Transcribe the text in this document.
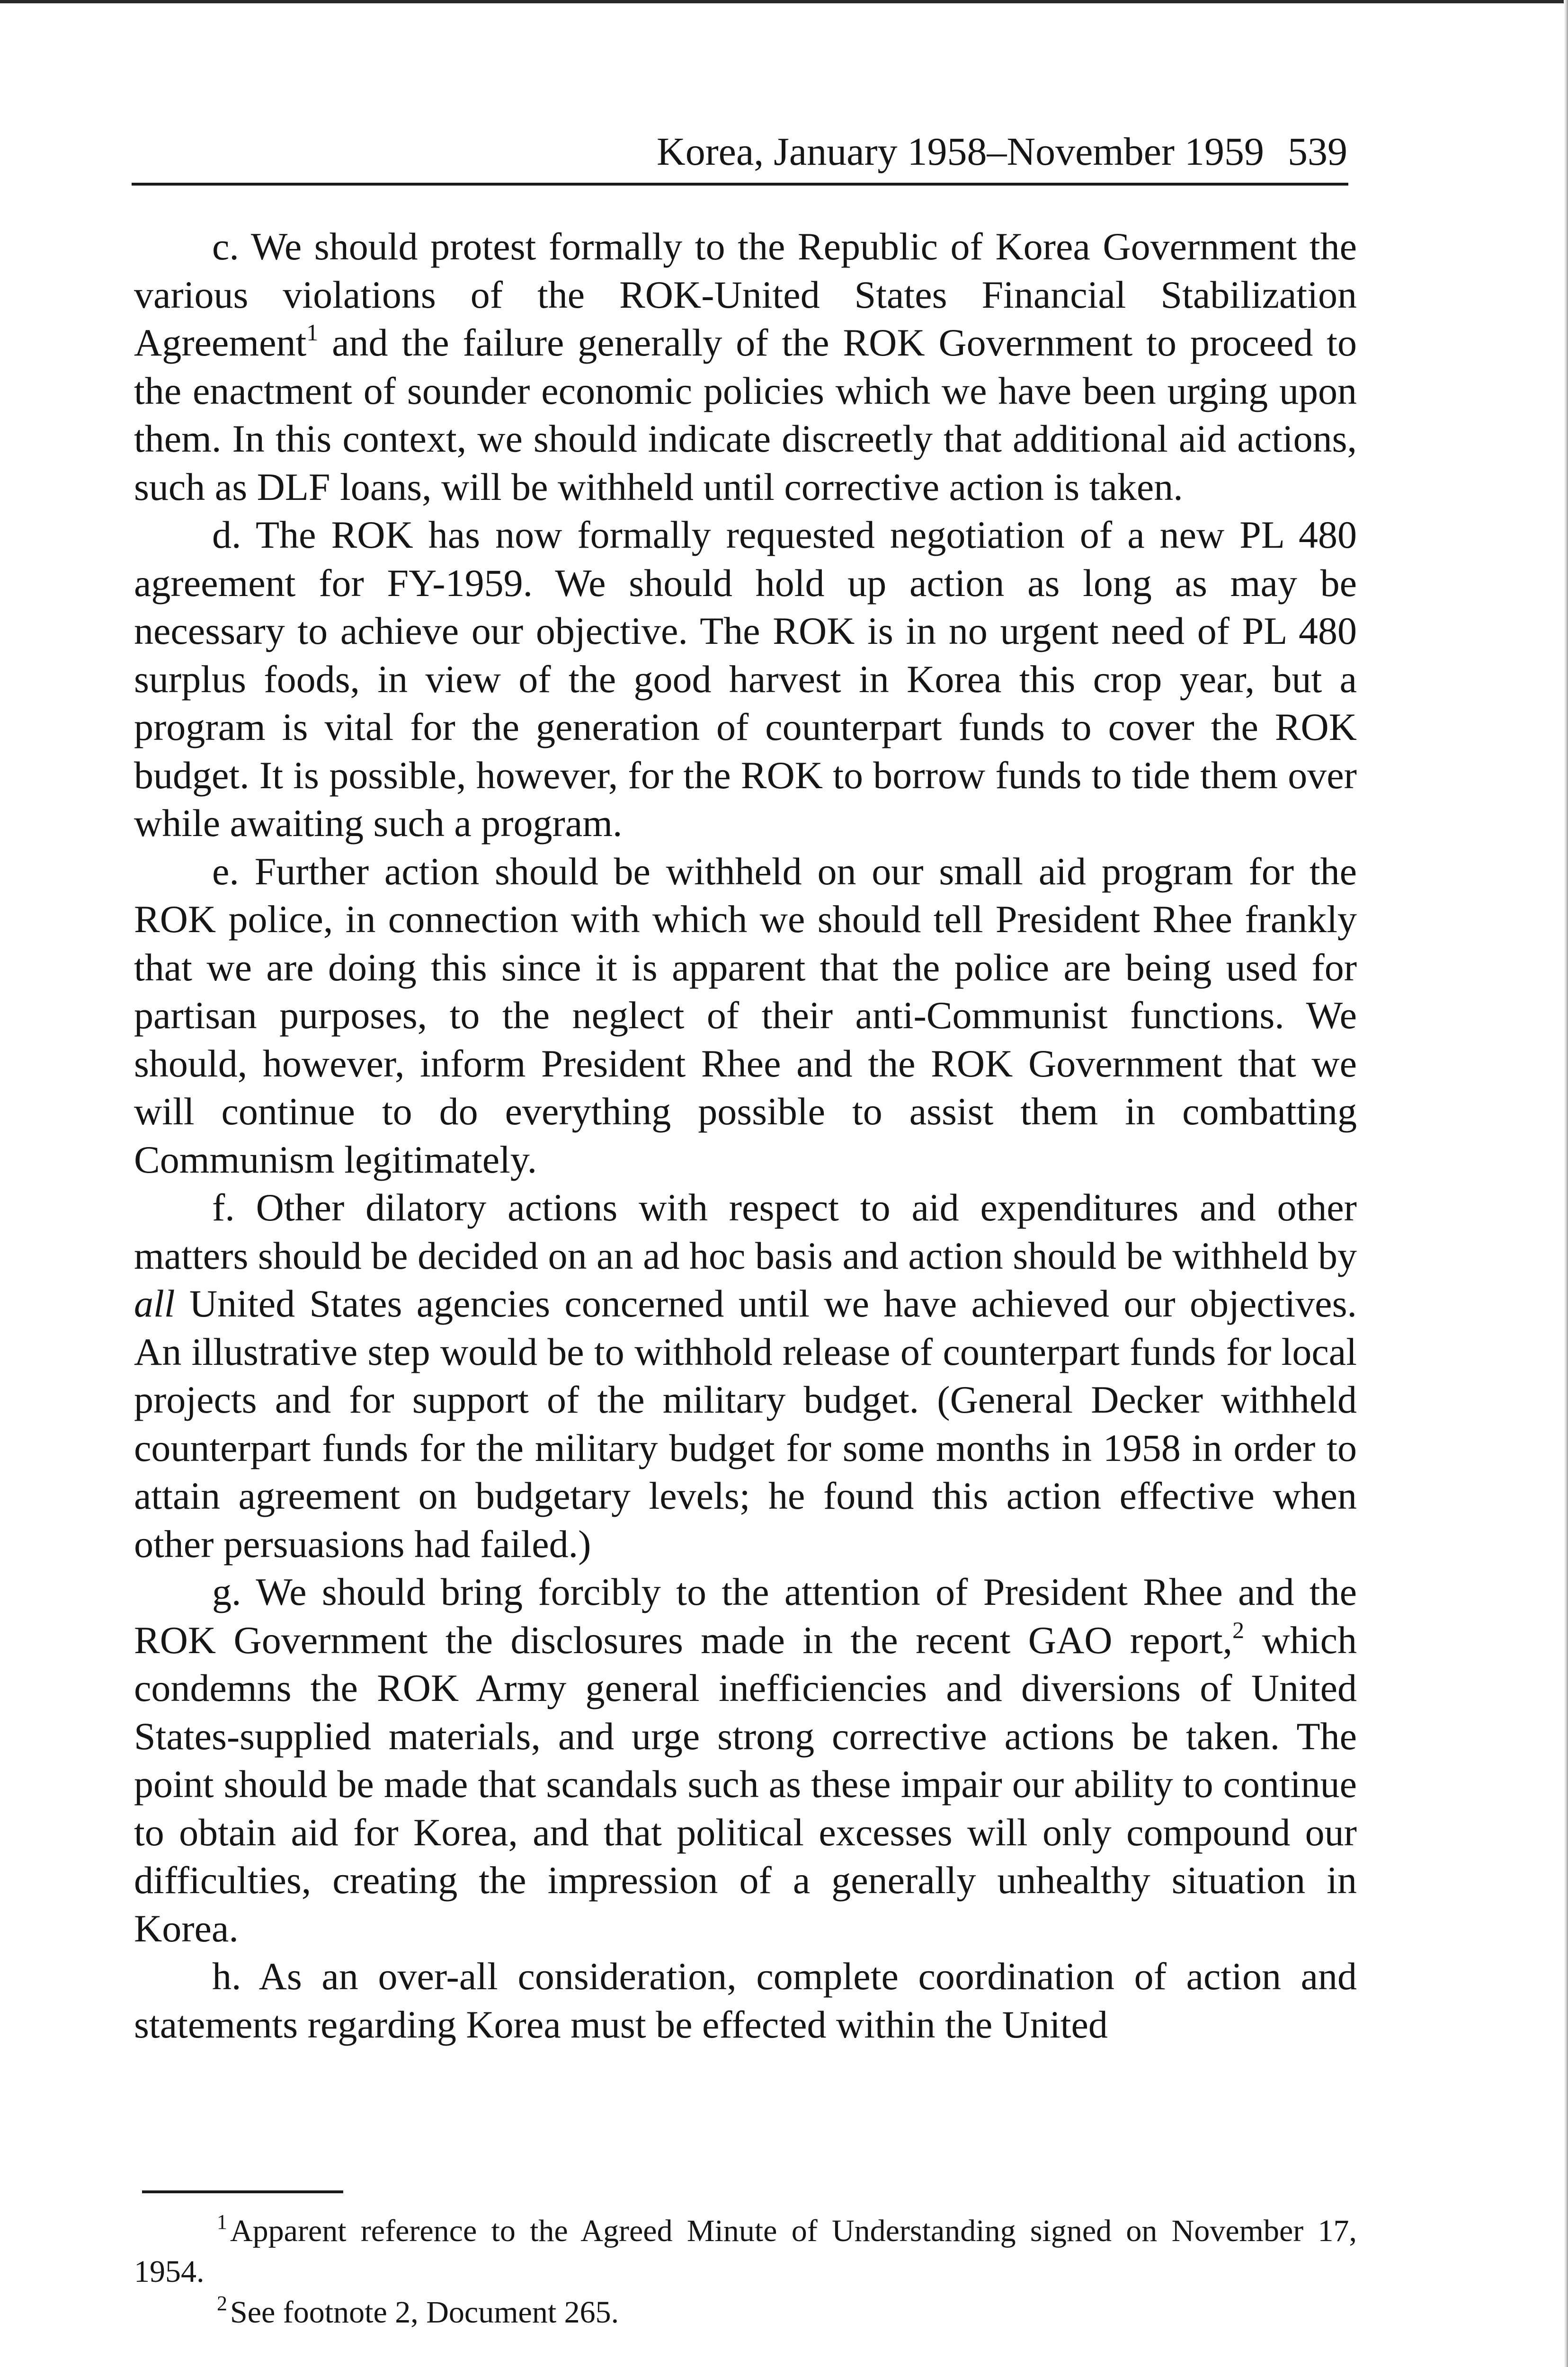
Korea, January 1958–November 1959 539

c. We should protest formally to the Republic of Korea Government the various violations of the ROK-United States Financial Stabilization Agreement$^1$ and the failure generally of the ROK Government to proceed to the enactment of sounder economic policies which we have been urging upon them. In this context, we should indicate discreetly that additional aid actions, such as DLF loans, will be withheld until corrective action is taken.

d. The ROK has now formally requested negotiation of a new PL 480 agreement for FY-1959. We should hold up action as long as may be necessary to achieve our objective. The ROK is in no urgent need of PL 480 surplus foods, in view of the good harvest in Korea this crop year, but a program is vital for the generation of counterpart funds to cover the ROK budget. It is possible, however, for the ROK to borrow funds to tide them over while awaiting such a program.

e. Further action should be withheld on our small aid program for the ROK police, in connection with which we should tell President Rhee frankly that we are doing this since it is apparent that the police are being used for partisan purposes, to the neglect of their anti-Communist functions. We should, however, inform President Rhee and the ROK Government that we will continue to do everything possible to assist them in combatting Communism legitimately.

f. Other dilatory actions with respect to aid expenditures and other matters should be decided on an ad hoc basis and action should be withheld by all United States agencies concerned until we have achieved our objectives. An illustrative step would be to withhold release of counterpart funds for local projects and for support of the military budget. (General Decker withheld counterpart funds for the military budget for some months in 1958 in order to attain agreement on budgetary levels; he found this action effective when other persuasions had failed.)

g. We should bring forcibly to the attention of President Rhee and the ROK Government the disclosures made in the recent GAO report,$^2$ which condemns the ROK Army general inefficiencies and diversions of United States-supplied materials, and urge strong corrective actions be taken. The point should be made that scandals such as these impair our ability to continue to obtain aid for Korea, and that political excesses will only compound our difficulties, creating the impression of a generally unhealthy situation in Korea.

h. As an over-all consideration, complete coordination of action and statements regarding Korea must be effected within the United

$^1$Apparent reference to the Agreed Minute of Understanding signed on November 17, 1954.

$^2$See footnote 2, Document 265.
